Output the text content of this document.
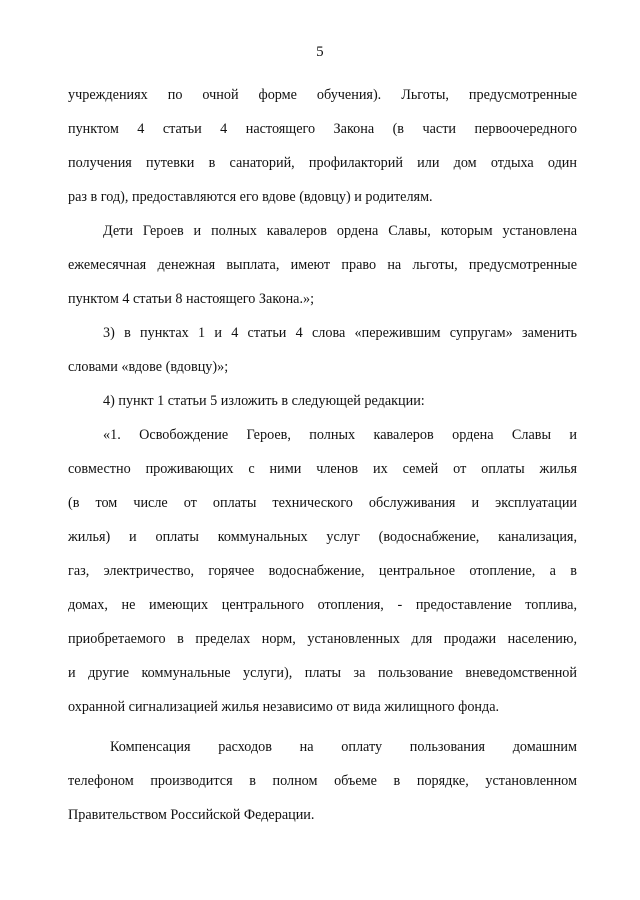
5
учреждениях по очной форме обучения). Льготы, предусмотренные
пунктом 4 статьи 4 настоящего Закона (в части первоочередного
получения путевки в санаторий, профилакторий или дом отдыха один
раз в год), предоставляются его вдове (вдовцу) и родителям.
Дети Героев и полных кавалеров ордена Славы, которым установлена
ежемесячная денежная выплата, имеют право на льготы, предусмотренные
пунктом 4 статьи 8 настоящего Закона.»;
3) в пунктах 1 и 4 статьи 4 слова «пережившим супругам» заменить
словами «вдове (вдовцу)»;
4) пункт 1 статьи 5 изложить в следующей редакции:
«1. Освобождение Героев, полных кавалеров ордена Славы и
совместно проживающих с ними членов их семей от оплаты жилья
(в том числе от оплаты технического обслуживания и эксплуатации
жилья) и оплаты коммунальных услуг (водоснабжение, канализация,
газ, электричество, горячее водоснабжение, центральное отопление, а в
домах, не имеющих центрального отопления, - предоставление топлива,
приобретаемого в пределах норм, установленных для продажи населению,
и другие коммунальные услуги), платы за пользование вневедомственной
охранной сигнализацией жилья независимо от вида жилищного фонда.
Компенсация расходов на оплату пользования домашним
телефоном производится в полном объеме в порядке, установленном
Правительством Российской Федерации.
